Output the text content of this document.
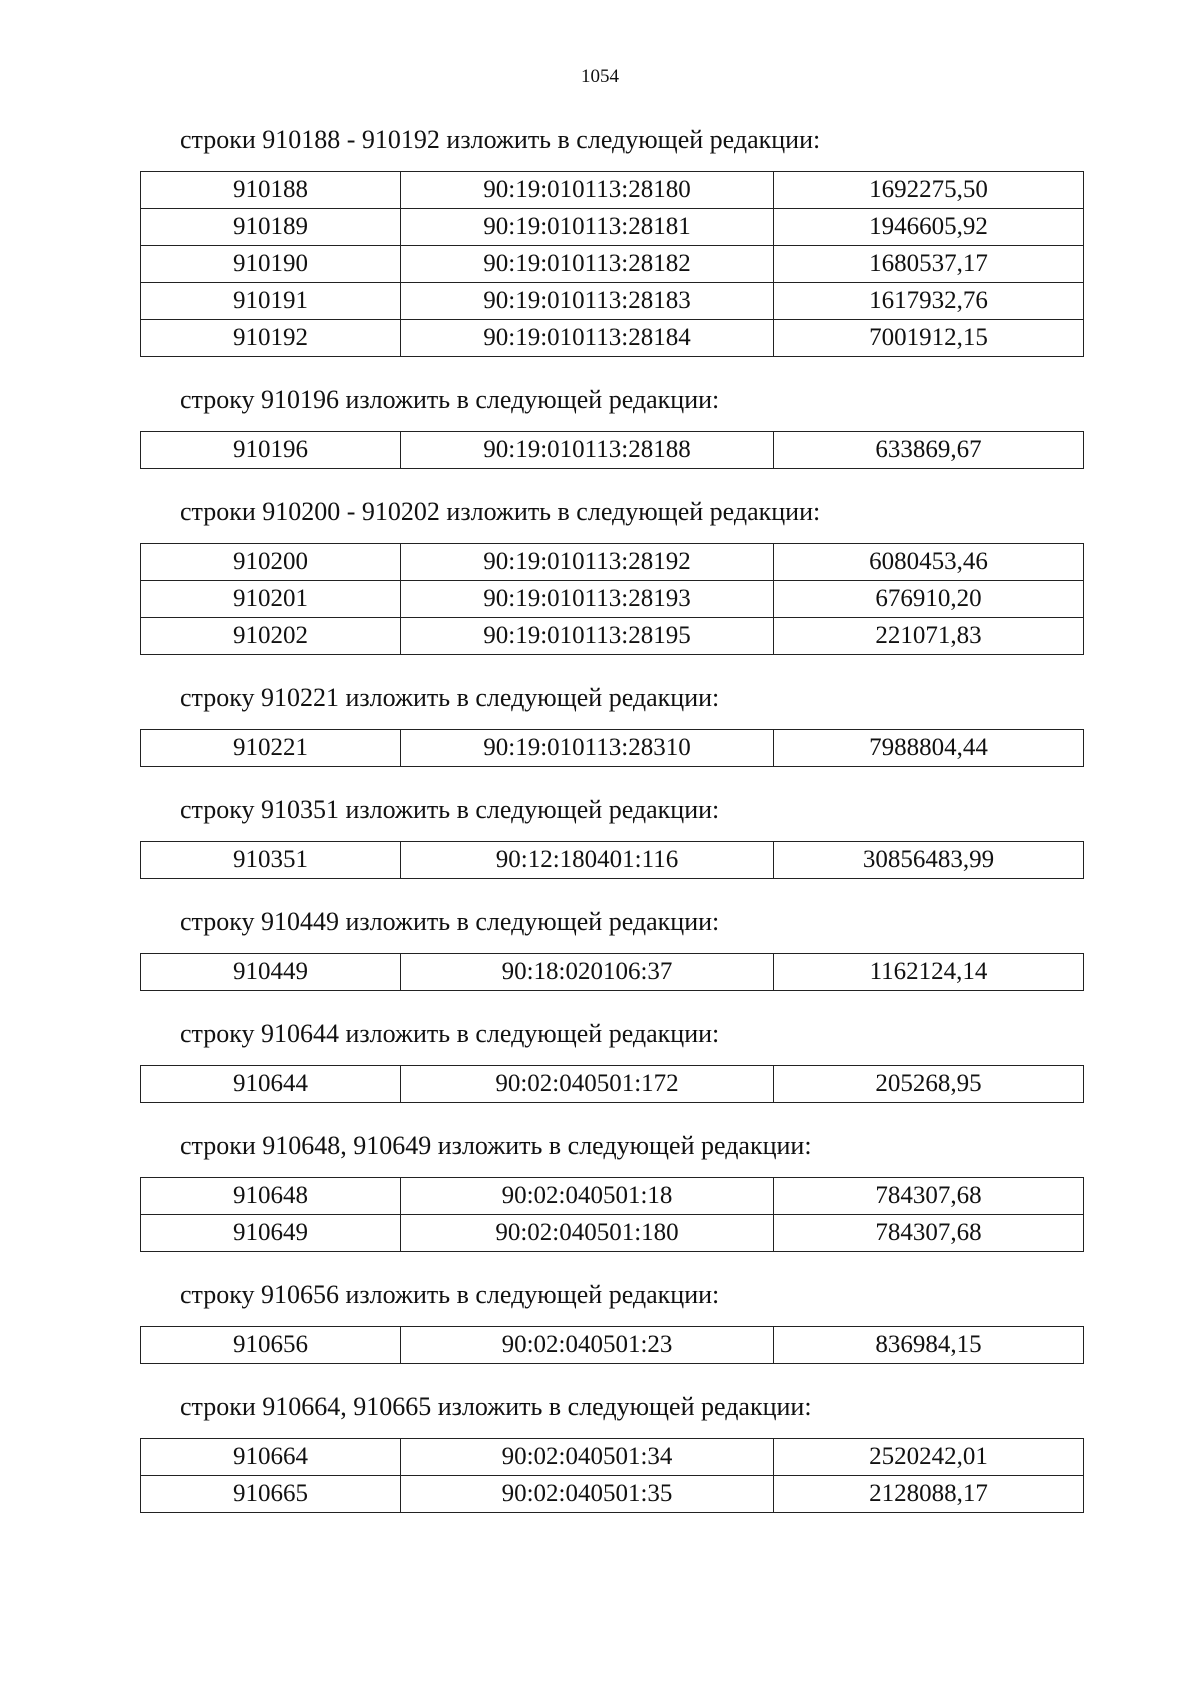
1054
строки 910188 - 910192 изложить в следующей редакции:
910188	90:19:010113:28180	1692275,50
910189	90:19:010113:28181	1946605,92
910190	90:19:010113:28182	1680537,17
910191	90:19:010113:28183	1617932,76
910192	90:19:010113:28184	7001912,15
строку 910196 изложить в следующей редакции:
910196	90:19:010113:28188	633869,67
строки 910200 - 910202 изложить в следующей редакции:
910200	90:19:010113:28192	6080453,46
910201	90:19:010113:28193	676910,20
910202	90:19:010113:28195	221071,83
строку 910221 изложить в следующей редакции:
910221	90:19:010113:28310	7988804,44
строку 910351 изложить в следующей редакции:
910351	90:12:180401:116	30856483,99
строку 910449 изложить в следующей редакции:
910449	90:18:020106:37	1162124,14
строку 910644 изложить в следующей редакции:
910644	90:02:040501:172	205268,95
строки 910648, 910649 изложить в следующей редакции:
910648	90:02:040501:18	784307,68
910649	90:02:040501:180	784307,68
строку 910656 изложить в следующей редакции:
910656	90:02:040501:23	836984,15
строки 910664, 910665 изложить в следующей редакции:
910664	90:02:040501:34	2520242,01
910665	90:02:040501:35	2128088,17
